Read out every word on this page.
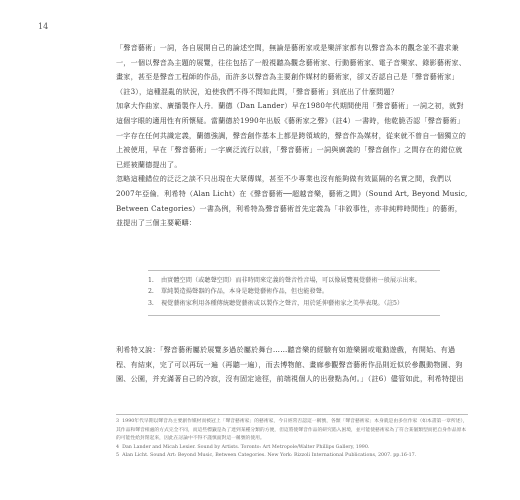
14

「聲音藝術」一詞，各自展開自己的論述空間，無論是藝術家或是樂評家都有以聲音為本的觀念並不盡求兼一，一個以聲音為主題的展覽，往往包括了一般視聽為觀念藝術家、行動藝術家、電子音樂家、錄影藝術家、畫家，甚至是聲音工程師的作品，而許多以聲音為主要創作媒材的藝術家，卻又否認自己是「聲音藝術家」（註3），這種混亂的狀況，迫使我們不得不問如此問，「聲音藝術」到底出了什麼問題？

加拿大作曲家、廣播製作人丹．蘭德（Dan Lander）早在1980年代期間使用「聲音藝術」一詞之初，就對這個字眼的適用性有所懷疑。當蘭德於1990年出版《藝術家之聲》（註4）一書時，他乾脆否認「聲音藝術」一字存在任何共識定義，蘭德強調，聲音創作基本上都是跨領域的，聲音作為媒材，從來就不曾自一個獨立的上被使用，早在「聲音藝術」一字廣泛流行以前，「聲音藝術」一詞與廣義的「聲音創作」之間存在的錯位就已經被蘭德提出了。

忽略這種錯位的泛泛之談不只出現在大眾傳媒，甚至不少專業也沒有能夠做有效區隔的名實之間，我們以2007年亞倫．利希特（Alan Licht）在《聲音藝術──超越音樂，藝術之間》（Sound Art, Beyond Music, Between Categories）一書為例，利希特為聲音藝術首先定義為「非敘事性，亦非純粹時間性」的藝術，並提出了三個主要範疇：

1.	由實體空間（或聽聲空間）而非時間來定義的聲音性音場，可以像展覽視覺藝術一般展示出來。
2.	單純製造揚聲器的作品，本身是聽覺藝術作品，但也能發聲。
3.	視覺藝術家利用各種傳統聽覺藝術或以製作之聲音，用於延伸藝術家之美學表現。（註5）

利希特又說：「聲音藝術屬於展覽多過於屬於舞台……聽音樂的經驗有如遊樂園或電動遊戲，有開始、有過程、有結束，完了可以再玩一遍（再聽一遍），而去博物館、畫廊參觀聲音藝術作品則近似於參觀動物園、狗園、公園，并充滿著自己的冷寂，沒有固定途徑，前端視個人的出發點為何。」（註6）儘管如此，利希特提出

3  1990年代早期以聲音為主要創作媒材而被冠上「聲音藝術家」的藝術家，今日經常否認這一稱號，各類「聲音藝術家」本身就是由多位作家（如本書第一章所述），其作品和聲音相處的方式完全不同，而這些標籤是為了達到某種分類的方便，但這將使聲音作品的研究陷入困境，並可能使藝術家為了符合某個類型而把自身作品原本的可能性給封閉起來，因此在討論中不得不謹慎面對這一稱號的使用。

4  Dan Lander and Micah Lexier. Sound by Artists. Toronto: Art Metropole/Walter Phillips Gallery, 1990.

5  Alan Licht. Sound Art: Beyond Music, Between Categories. New York: Rizzoli International Publications, 2007. pp.16-17.
